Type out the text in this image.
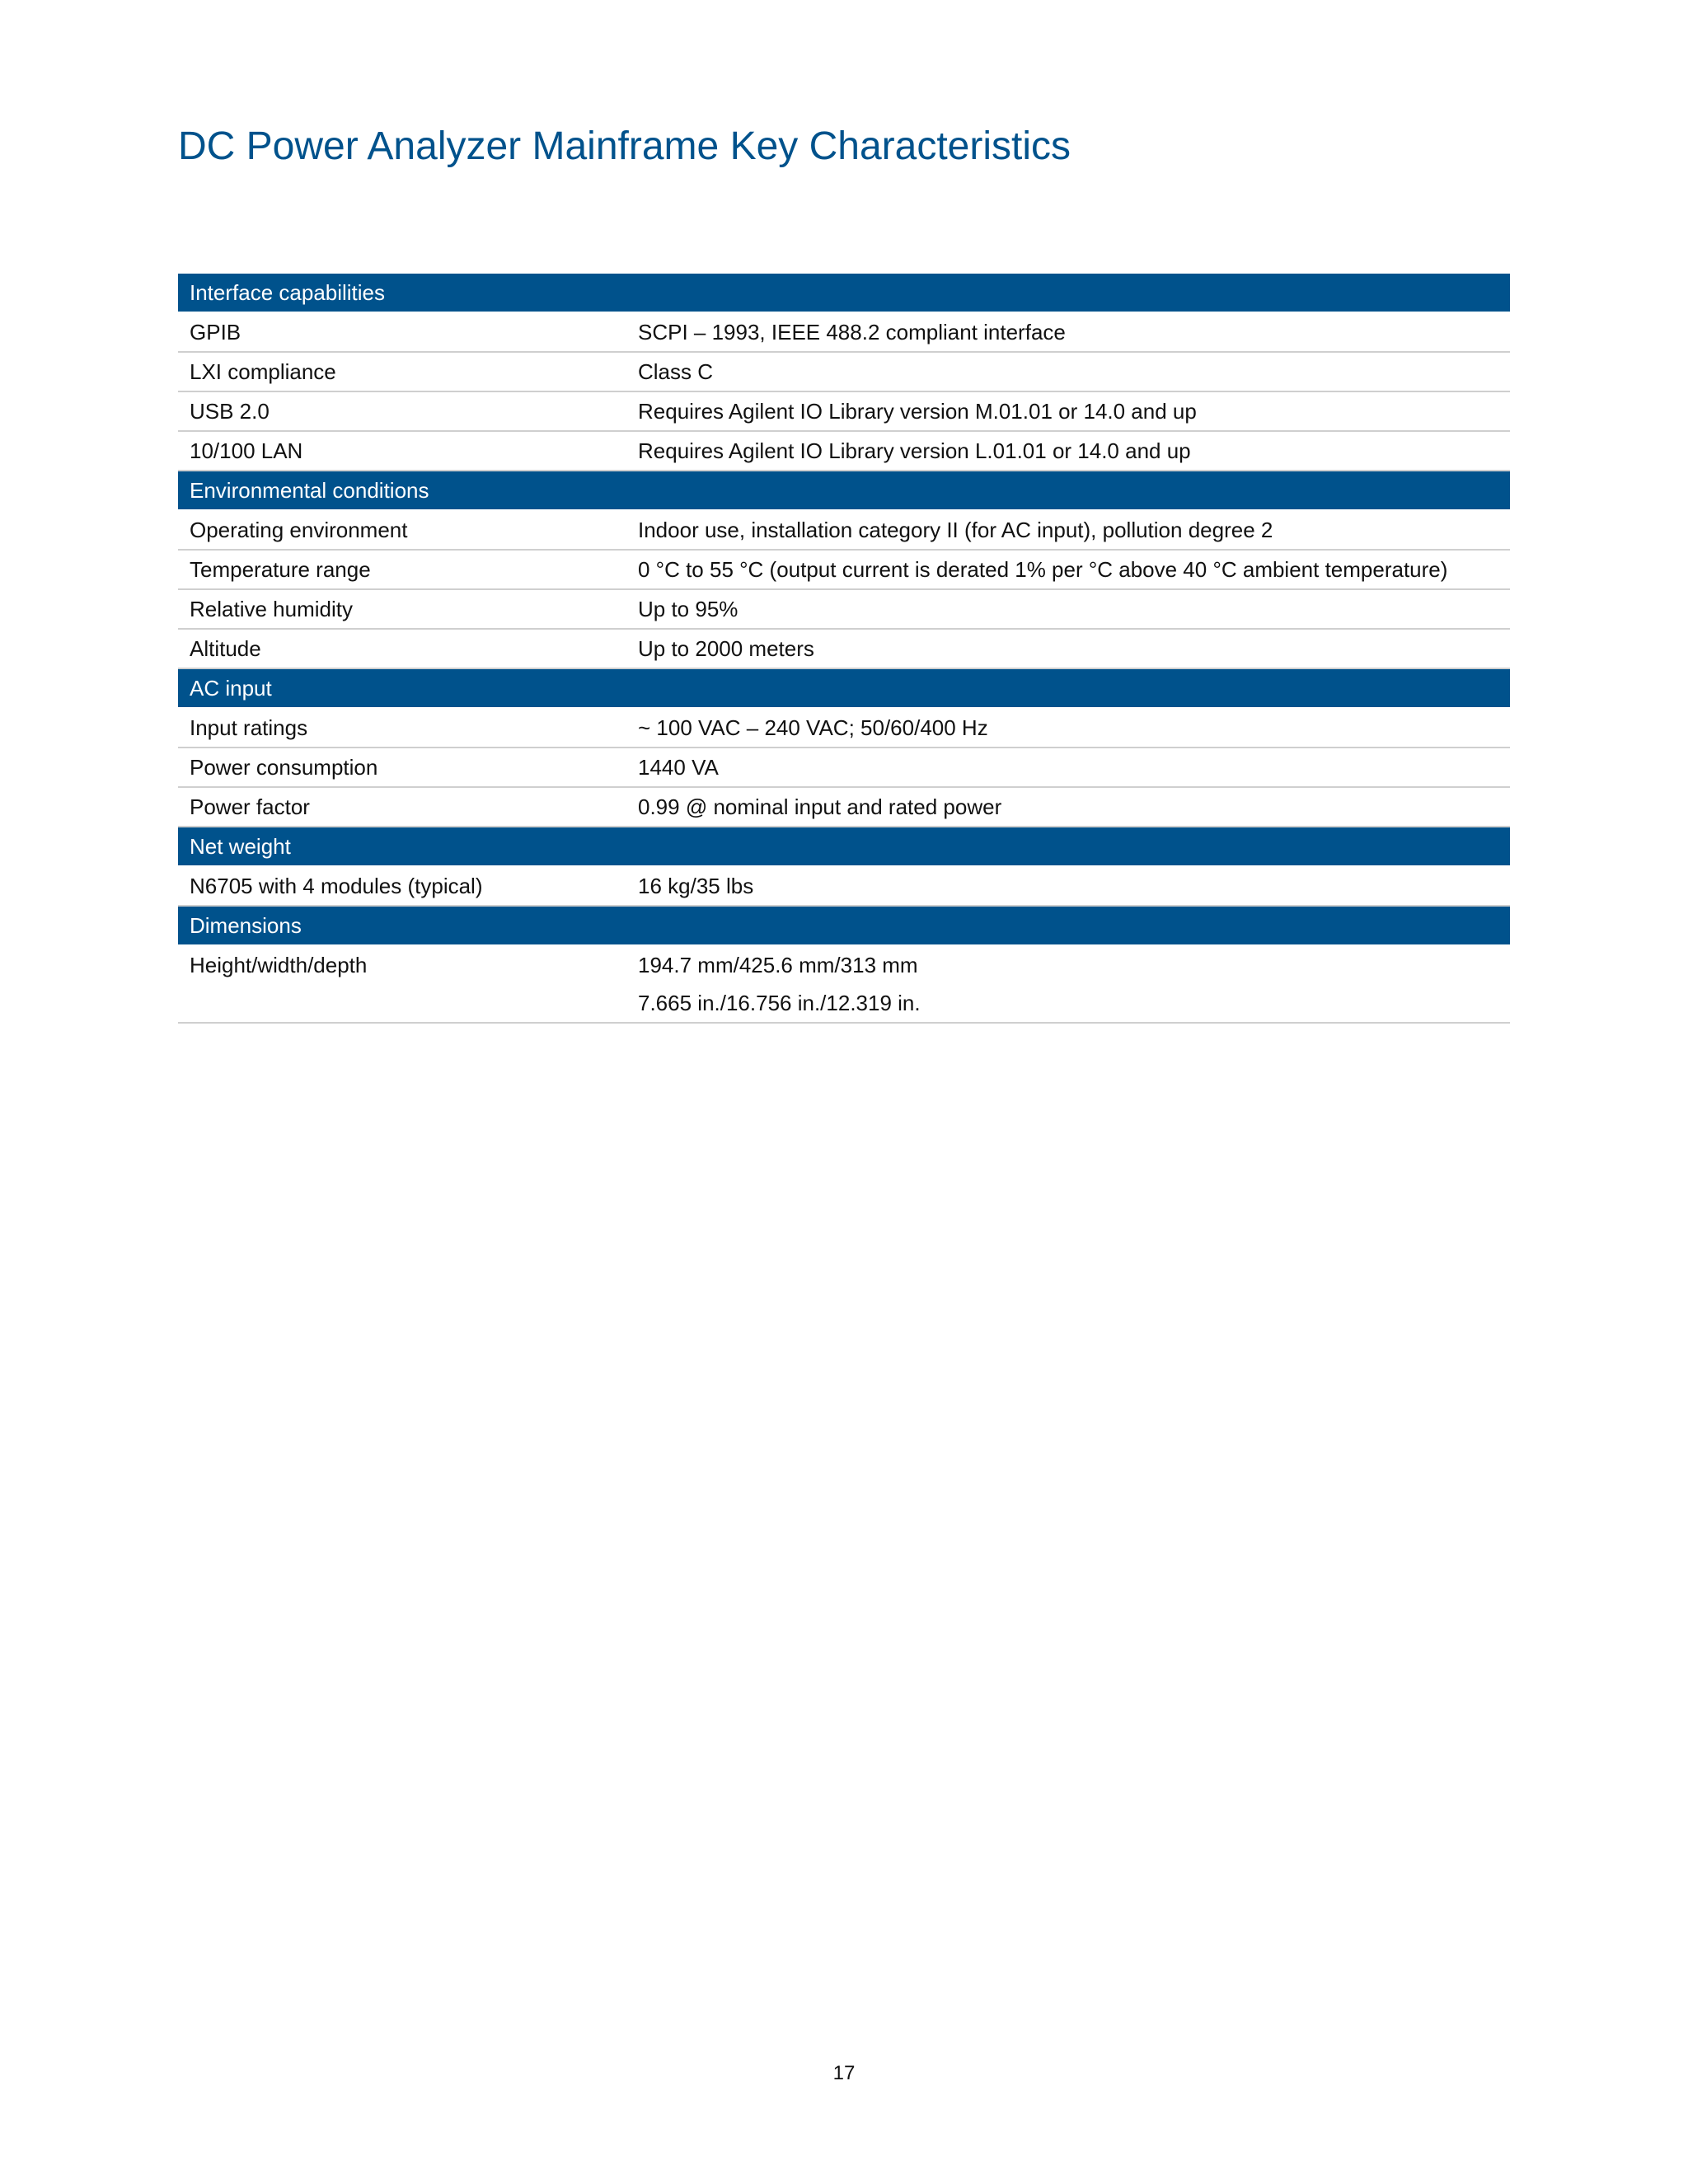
DC Power Analyzer Mainframe Key Characteristics
Interface capabilities	
GPIB	SCPI – 1993, IEEE 488.2 compliant interface
LXI compliance	Class C
USB 2.0	Requires Agilent IO Library version M.01.01 or 14.0 and up
10/100 LAN	Requires Agilent IO Library version L.01.01 or 14.0 and up
Environmental conditions	
Operating environment	Indoor use, installation category II (for AC input), pollution degree 2
Temperature range	0 °C to 55 °C (output current is derated 1% per °C above 40 °C ambient temperature)
Relative humidity	Up to 95%
Altitude	Up to 2000 meters
AC input	
Input ratings	~ 100 VAC – 240 VAC; 50/60/400 Hz
Power consumption	1440 VA
Power factor	0.99 @ nominal input and rated power
Net weight	
N6705 with 4 modules (typical)	16 kg/35 lbs
Dimensions	
Height/width/depth	194.7 mm/425.6 mm/313 mm
	7.665 in./16.756 in./12.319 in.
17
